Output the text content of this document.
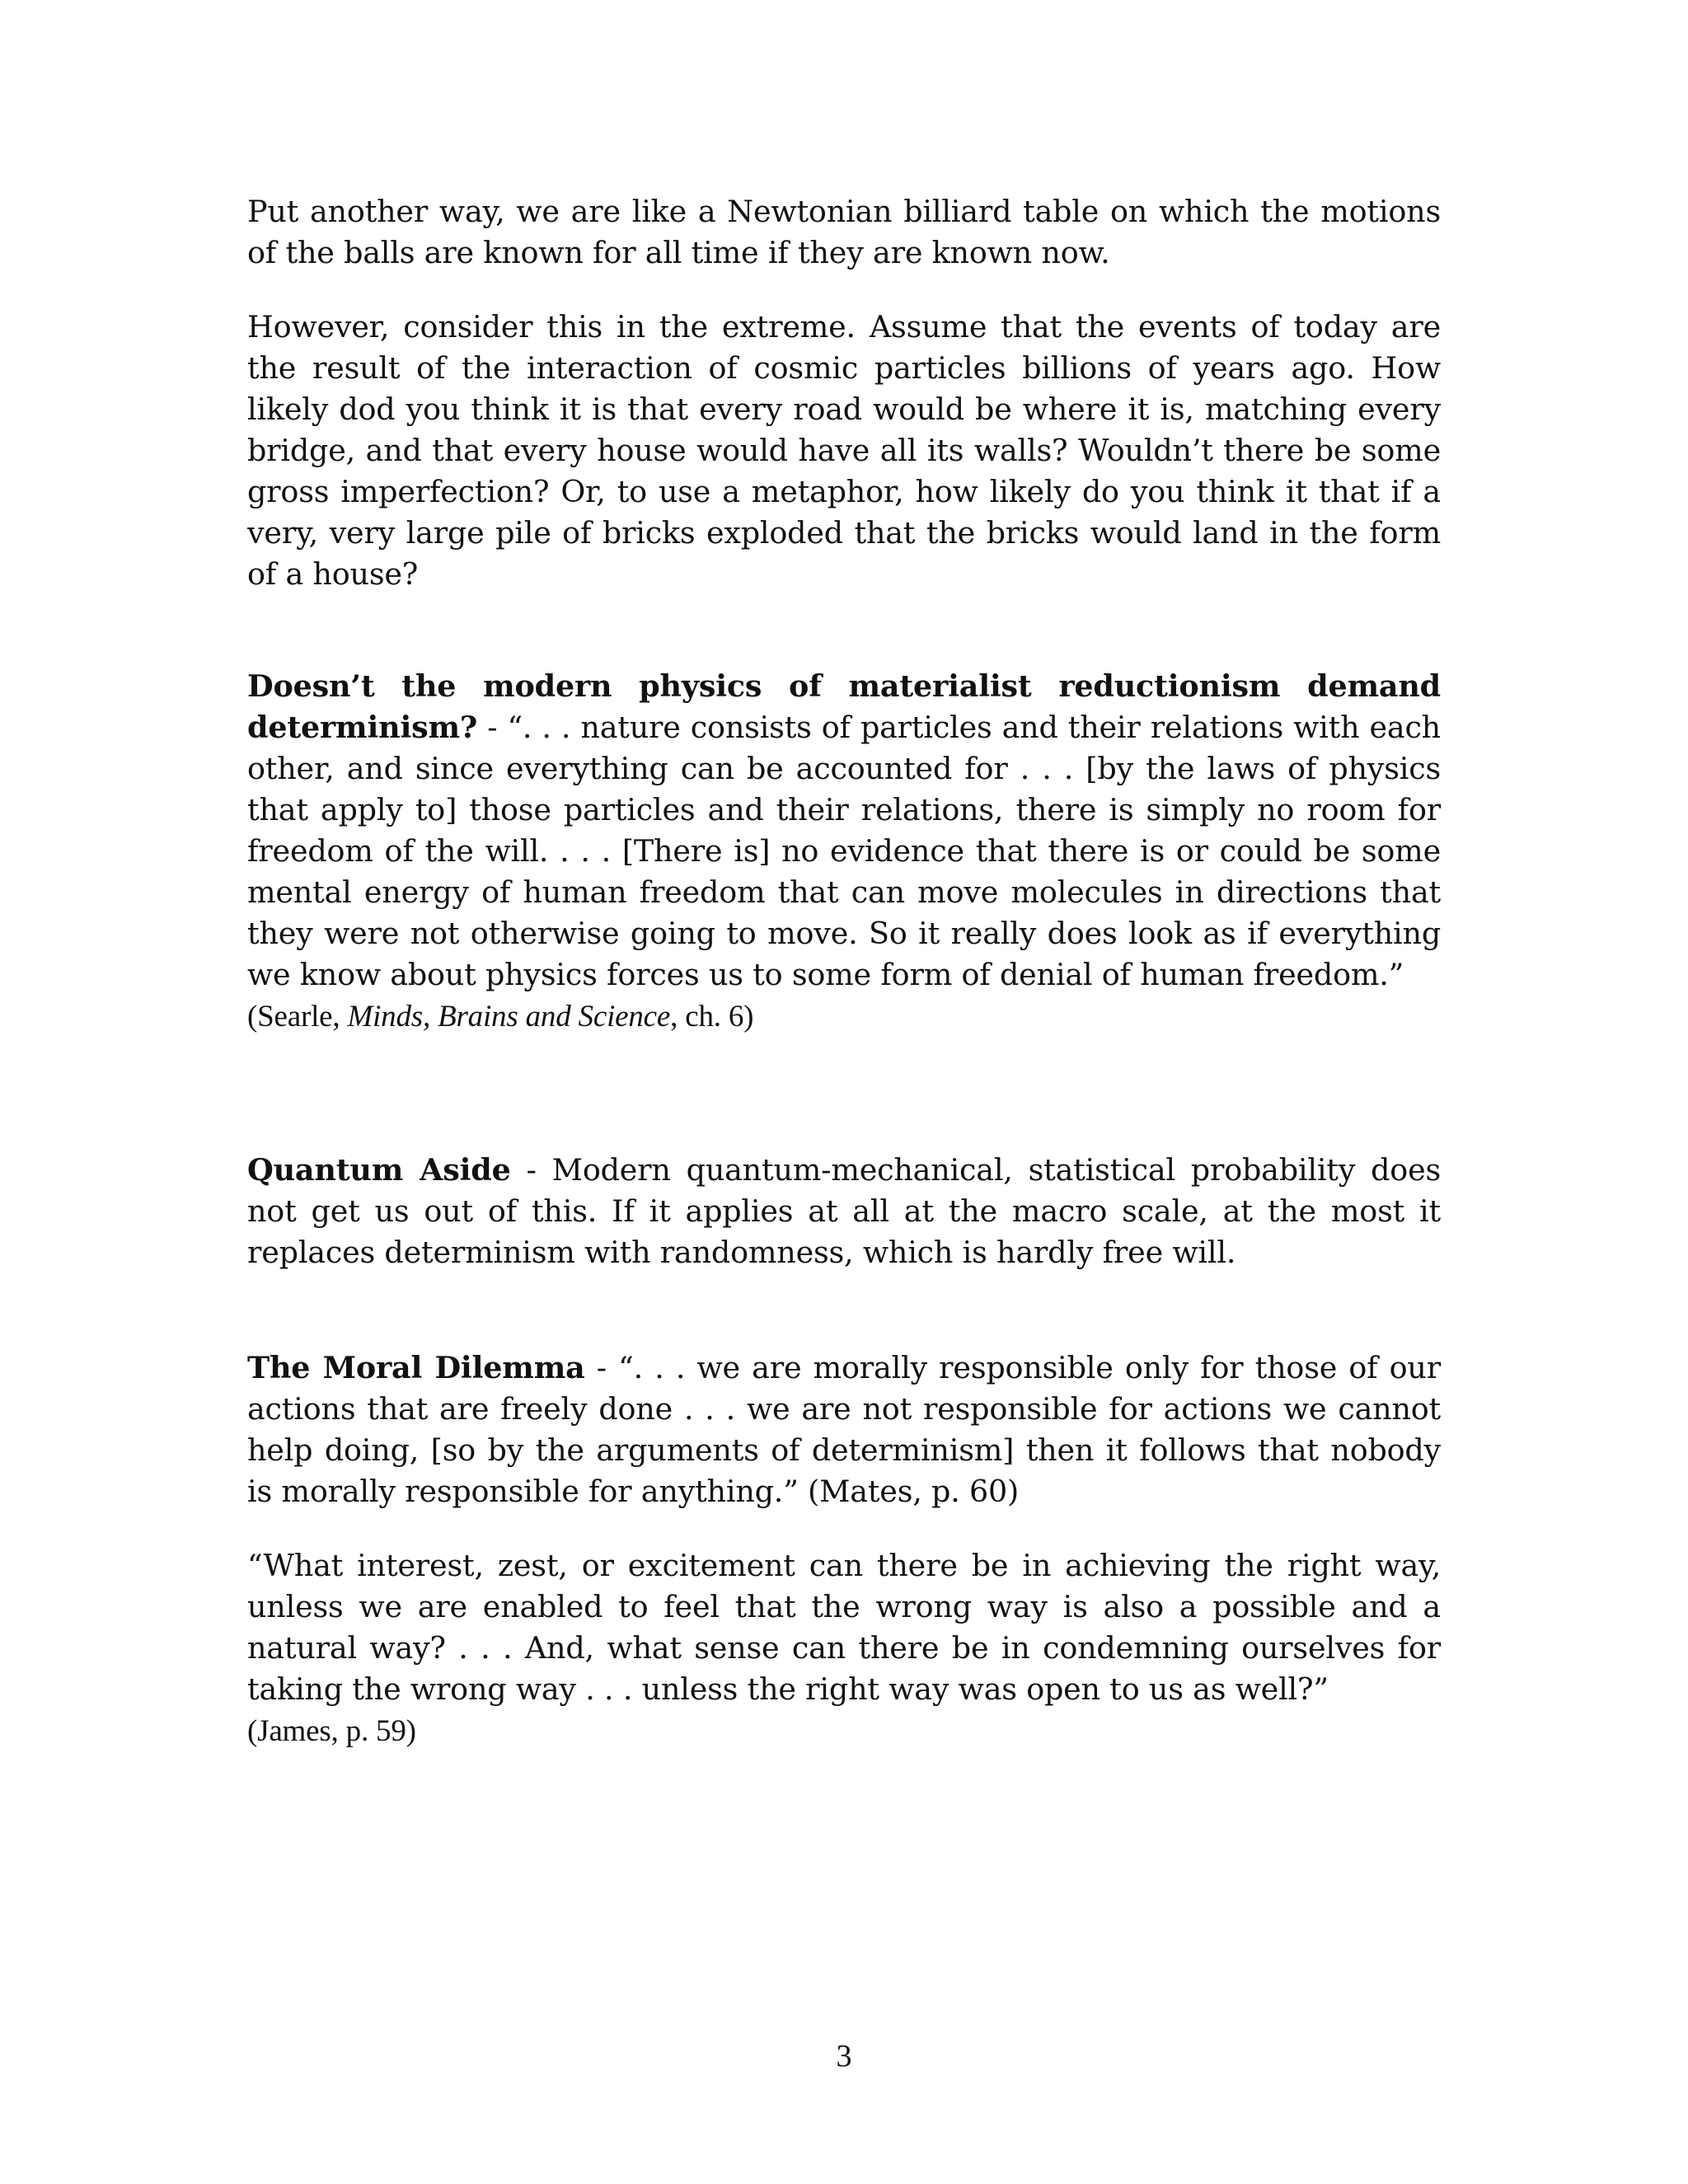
Put another way, we are like a Newtonian billiard table on which the motions of the balls are known for all time if they are known now.

However, consider this in the extreme. Assume that the events of today are the result of the interaction of cosmic particles billions of years ago. How likely dod you think it is that every road would be where it is, matching every bridge, and that every house would have all its walls? Wouldn’t there be some gross imperfection? Or, to use a metaphor, how likely do you think it that if a very, very large pile of bricks exploded that the bricks would land in the form of a house?

Doesn’t the modern physics of materialist reductionism demand determinism? - “. . . nature consists of particles and their relations with each other, and since everything can be accounted for . . . [by the laws of physics that apply to] those particles and their relations, there is simply no room for freedom of the will. . . . [There is] no evidence that there is or could be some mental energy of human freedom that can move molecules in directions that they were not otherwise going to move. So it really does look as if everything we know about physics forces us to some form of denial of human freedom.”
(Searle, Minds, Brains and Science, ch. 6)

Quantum Aside - Modern quantum-mechanical, statistical probability does not get us out of this. If it applies at all at the macro scale, at the most it replaces determinism with randomness, which is hardly free will.

The Moral Dilemma - “. . . we are morally responsible only for those of our actions that are freely done . . . we are not responsible for actions we cannot help doing, [so by the arguments of determinism] then it follows that nobody is morally responsible for anything.” (Mates, p. 60)

“What interest, zest, or excitement can there be in achieving the right way, unless we are enabled to feel that the wrong way is also a possible and a natural way? . . . And, what sense can there be in condemning ourselves for taking the wrong way . . . unless the right way was open to us as well?”
(James, p. 59)

3
